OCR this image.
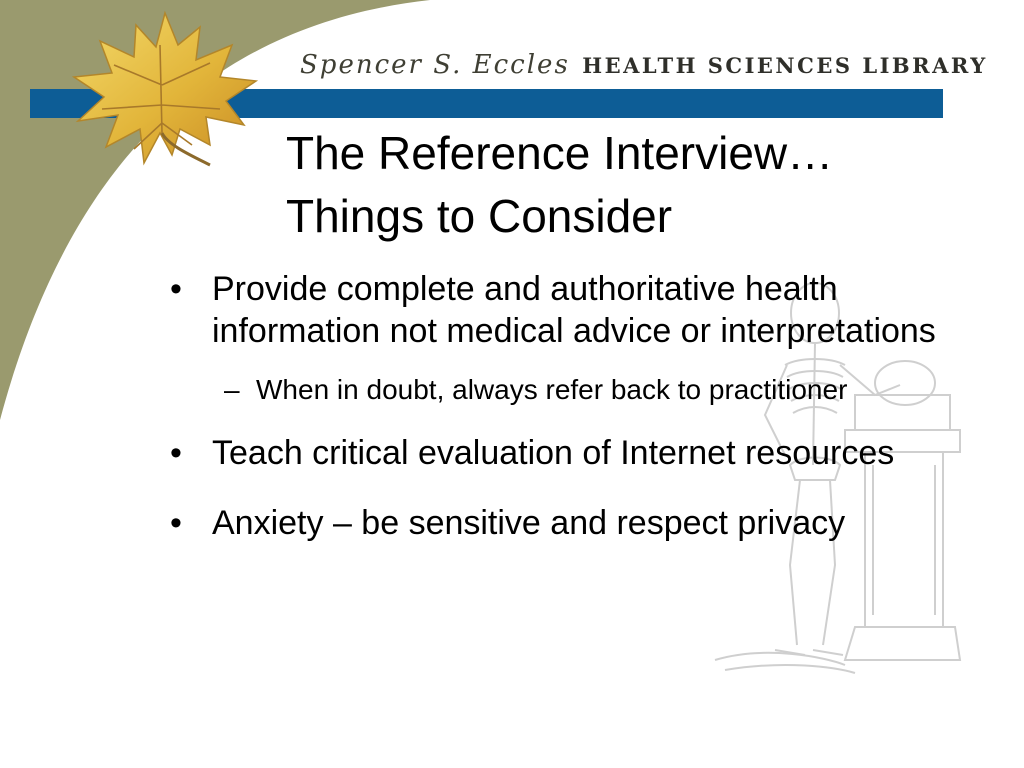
Spencer S. Eccles HEALTH SCIENCES LIBRARY
The Reference Interview…
Things to Consider
• Provide complete and authoritative health information not medical advice or interpretations
– When in doubt, always refer back to practitioner
• Teach critical evaluation of Internet resources
• Anxiety – be sensitive and respect privacy
